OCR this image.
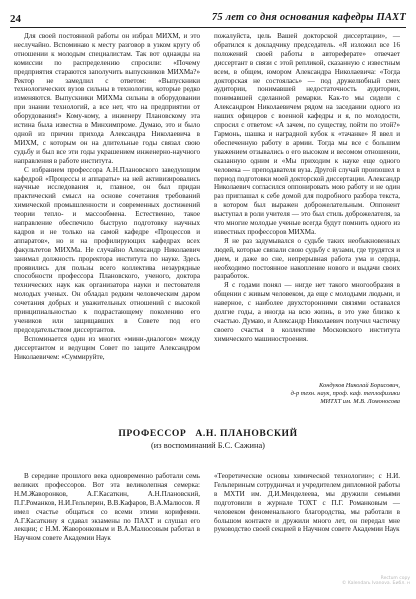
24	75 лет со дня основания кафедры ПАХТ

Для своей постоянной работы он избрал МИХМ, и это неслучайно. Вспоминаю к месту разговор в узком кругу об отношении к молодым специалистам. Так вот однажды на комиссии по распределению спросили: «Почему предприятия стараются заполучить выпускников МИХМа?» Ректор не замедлил с ответом: «Выпускники технологических вузов сильны в технологии, которые редко изменяются. Выпускники МИХМа сильны в оборудовании при знании технологий, а все нет, что на предприятии от оборудования!» Кому-кому, а инженеру Плановскому эта истина была известна в Минхимпроме. Думаю, это и было одной из причин прихода Александра Николаевича в МИХМ, с которым он на длительные годы связал свою судьбу и был все эти годы украшением инженерно-научного направления в работе института.

С избранием профессора А.Н.Плановского заведующим кафедрой «Процессы и аппараты» на ней активизировались научные исследования и, главное, он был придан практический смысл на основе сочетания требований химической промышленности и современных достижений теории тепло- и массообмена. Естественно, такое направление обеспечило быструю подготовку научных кадров и не только на самой кафедре «Процессов и аппаратов», но и на профилирующих кафедрах всех факультетов МИХМа. Не случайно Александр Николаевич занимал должность проректора института по науке. Здесь проявились для пользы всего коллектива незаурядные способности профессора Плановского, ученого, доктора технических наук как организатора науки и пестователя молодых ученых. Он обладал редким человеческим даром сочетания добрых и уважительных отношений с высокой принципиальностью к подрастающему поколению его учеников или защищавших в Совете под его председательством диссертантов.

Вспоминается один из многих «мини-диалогов» между диссертантом и ведущим Совет по защите Александром Николаевичем: «Суммируйте,

пожалуйста, цель Вашей докторской диссертации», — обратился к докладчику председатель. «Я изложил все 16 положений своей работы в автореферате» отвечает диссертант в связи с этой репликой, сказанную с известным всем, в общем, юмором Александра Николаевича: «Тогда докторская не состоялась» — под дружелюбный смех аудитории, понимавшей недостаточность аудитории, понимавшей сделанной ремарки. Как-то мы сидели с Александром Николаевичем рядом на заседании одного из наших офицеров с военной кафедры и я, по молодости, спросил с ответом: «А зачем, по существу, пойти по этой?» Гармонь, шашка и наградной кубок к «тачанке» Я ввел и обеспеченную работу в армии. Тогда мы все с большим уважением отзывались о его высоком и весомом отношении, сказанную одним и «Мы приходим к науке еще одного человека — преподавателя вуза. Другой случай произошел в период подготовки моей докторской диссертации. Александр Николаевич согласился оппонировать мою работу и не один раз приглашал к себе домой для подробного разбора текста, в котором был выражен доброжелательным. Оппонент выступал в роли учителя — это был стиль доброжелателя, за что многие молодые ученые всегда будут помнить одного из известных профессоров МИХМа.

Я не раз задумывался о судьбе таких необыкновенных людей, которые связали свою судьбу с вузами, где трудятся и днем, и даже во сне, непрерывная работа ума и сердца, необходимо постоянное накопление нового и выдачи своих разработок.

Я с годами понял — нигде нет такого многообразия в общении с живым человеком, да еще с молодыми людьми, и наверное, с наиболее двухсторонними связями оставался долгие годы, а иногда на всю жизнь, в это уже близко к счастью. Думаю, и Александр Николаевич получил частичку своего счастья в коллективе Московского института химического машиностроения.

Кондуков Николай Борисович,
д-р техн. наук, проф. каф. теплофизики
МИТХТ им. М.В. Ломоносова
ПРОФЕССОР   А.Н. ПЛАНОВСКИЙ
(из воспоминаний Б.С. Сажина)

В середине прошлого века одновременно работали семь великих профессоров. Вот эта великолепная семерка: Н.М.Жаворонков, А.Г.Касаткин, А.Н.Плановский, П.Г.Романков, Н.И.Гельперин, В.В.Кафаров, В.А.Малюсов. Я имел счастье общаться со всеми этими корифеями. А.Г.Касаткину я сдавал экзамены по ПАХТ и слушал его лекции; с Н.М. Жаворонковым и В.А.Малюсовым работал в Научном совете Академии Наук

«Теоретические основы химической технологии»; с Н.И. Гельпериным сотрудничал и учредителем дипломной работы в МХТИ им. Д.И.Менделеева, мы дружили семьями подготовили в журнале ТОХТ с П.Г. Романковым — человеком феноменального благородства, мы работали в большом контакте и дружили много лет, он передал мне руководство своей секцией в Научном совете Академии Наук

Rectum copy
© Kalendarь Ivanova. Библ. н
